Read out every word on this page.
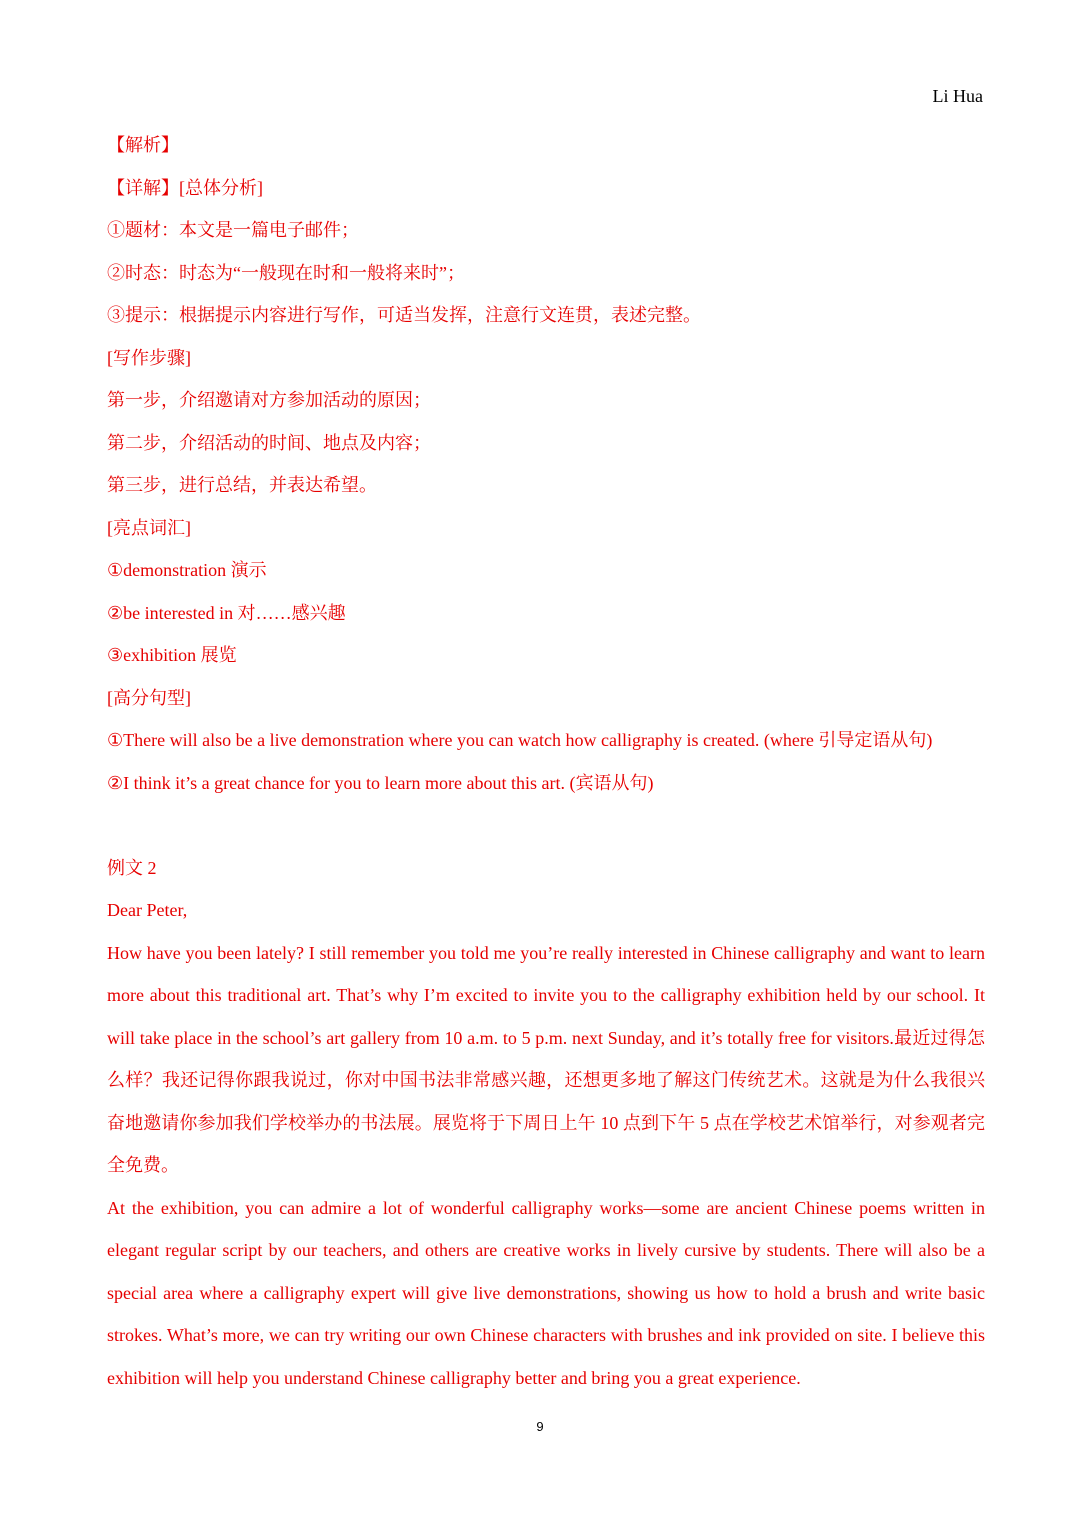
Li Hua

【解析】

【详解】[总体分析]

①题材：本文是一篇电子邮件；

②时态：时态为“一般现在时和一般将来时”；

③提示：根据提示内容进行写作，可适当发挥，注意行文连贯，表述完整。

[写作步骤]

第一步，介绍邀请对方参加活动的原因；

第二步，介绍活动的时间、地点及内容；

第三步，进行总结，并表达希望。

[亮点词汇]

①demonstration 演示

②be interested in 对……感兴趣

③exhibition 展览

[高分句型]

①There will also be a live demonstration where you can watch how calligraphy is created. (where 引导定语从句)

②I think it’s a great chance for you to learn more about this art. (宾语从句)

例文 2

Dear Peter,

How have you been lately? I still remember you told me you’re really interested in Chinese calligraphy and want to learn more about this traditional art. That’s why I’m excited to invite you to the calligraphy exhibition held by our school. It will take place in the school’s art gallery from 10 a.m. to 5 p.m. next Sunday, and it’s totally free for visitors.最近过得怎么样？我还记得你跟我说过，你对中国书法非常感兴趣，还想更多地了解这门传统艺术。这就是为什么我很兴奋地邀请你参加我们学校举办的书法展。展览将于下周日上午 10 点到下午 5 点在学校艺术馆举行，对参观者完全免费。

At the exhibition, you can admire a lot of wonderful calligraphy works—some are ancient Chinese poems written in elegant regular script by our teachers, and others are creative works in lively cursive by students. There will also be a special area where a calligraphy expert will give live demonstrations, showing us how to hold a brush and write basic strokes. What’s more, we can try writing our own Chinese characters with brushes and ink provided on site. I believe this exhibition will help you understand Chinese calligraphy better and bring you a great experience.

9
